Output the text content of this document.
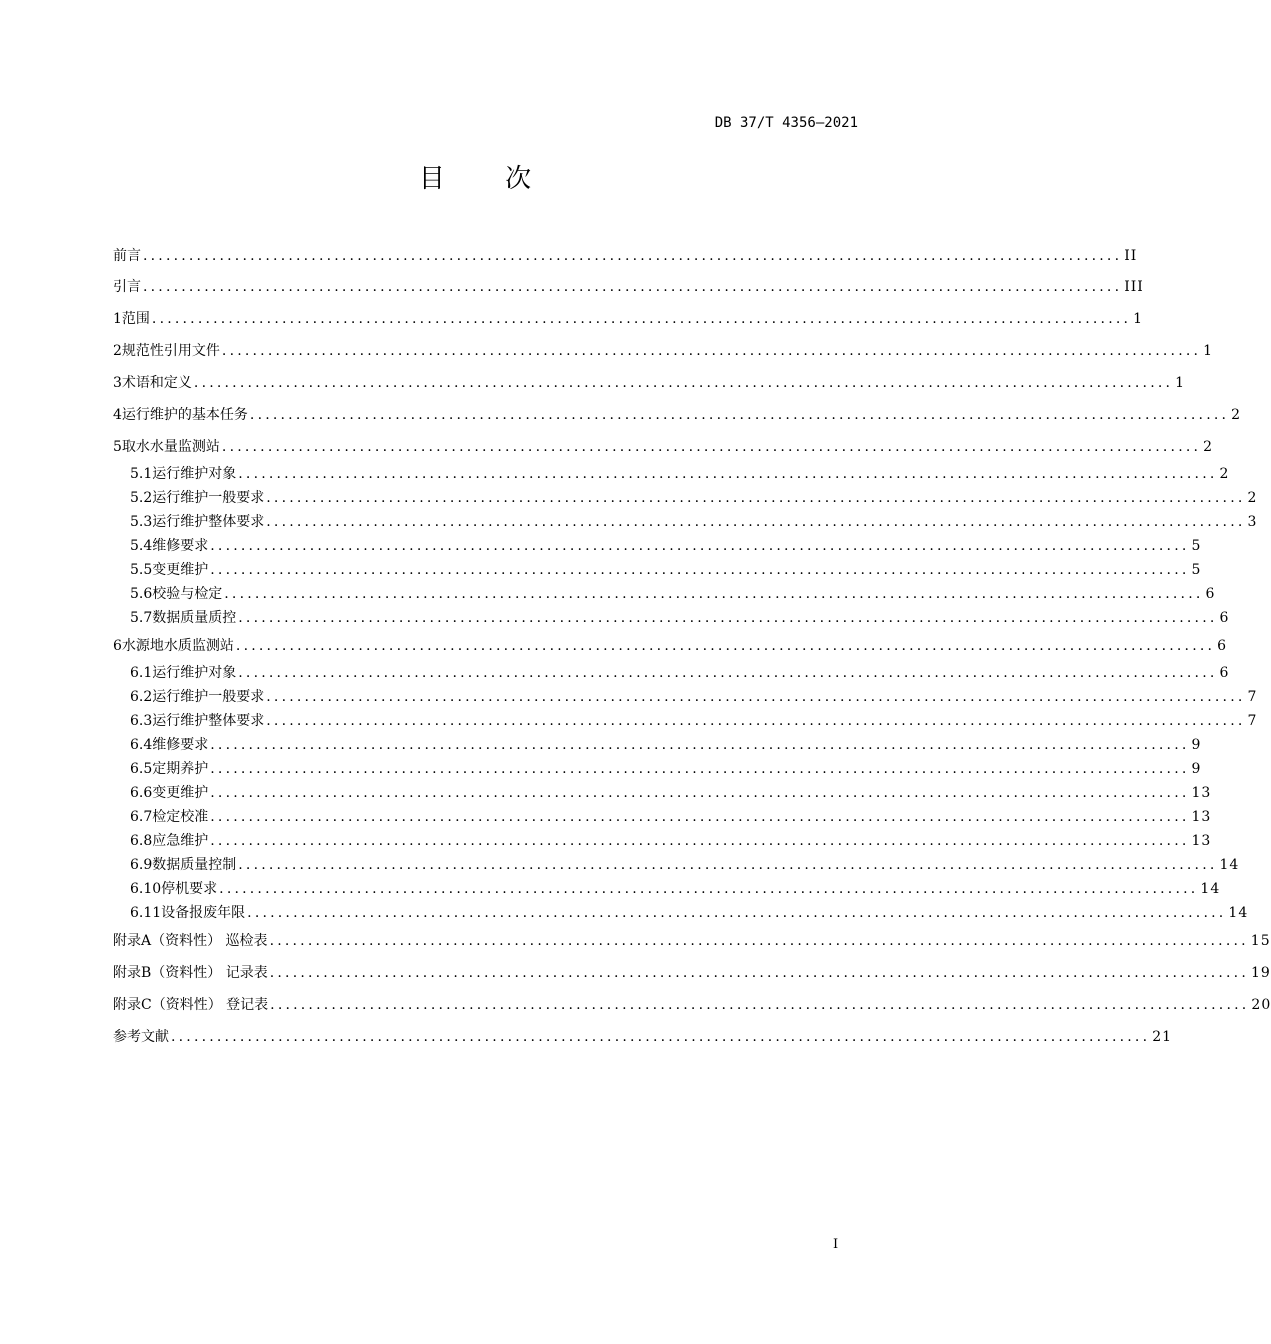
DB 37/T 4356—2021
目 次
前言 ................................................................................................................................ II
引言 ................................................................................................................................ III
1 范围 ................................................................................................................................ 1
2 规范性引用文件 ................................................................................................................................ 1
3 术语和定义 ................................................................................................................................ 1
4 运行维护的基本任务 ................................................................................................................................ 2
5 取水水量监测站 ................................................................................................................................ 2
5.1 运行维护对象 ................................................................................................................................ 2
5.2 运行维护一般要求 ................................................................................................................................ 2
5.3 运行维护整体要求 ................................................................................................................................ 3
5.4 维修要求 ................................................................................................................................ 5
5.5 变更维护 ................................................................................................................................ 5
5.6 校验与检定 ................................................................................................................................ 6
5.7 数据质量质控 ................................................................................................................................ 6
6 水源地水质监测站 ................................................................................................................................ 6
6.1 运行维护对象 ................................................................................................................................ 6
6.2 运行维护一般要求 ................................................................................................................................ 7
6.3 运行维护整体要求 ................................................................................................................................ 7
6.4 维修要求 ................................................................................................................................ 9
6.5 定期养护 ................................................................................................................................ 9
6.6 变更维护 ................................................................................................................................ 13
6.7 检定校准 ................................................................................................................................ 13
6.8 应急维护 ................................................................................................................................ 13
6.9 数据质量控制 ................................................................................................................................ 14
6.10 停机要求 ................................................................................................................................ 14
6.11 设备报废年限 ................................................................................................................................ 14
附录A（资料性） 巡检表 ................................................................................................................................ 15
附录B（资料性） 记录表 ................................................................................................................................ 19
附录C（资料性） 登记表 ................................................................................................................................ 20
参考文献 ................................................................................................................................ 21
I
